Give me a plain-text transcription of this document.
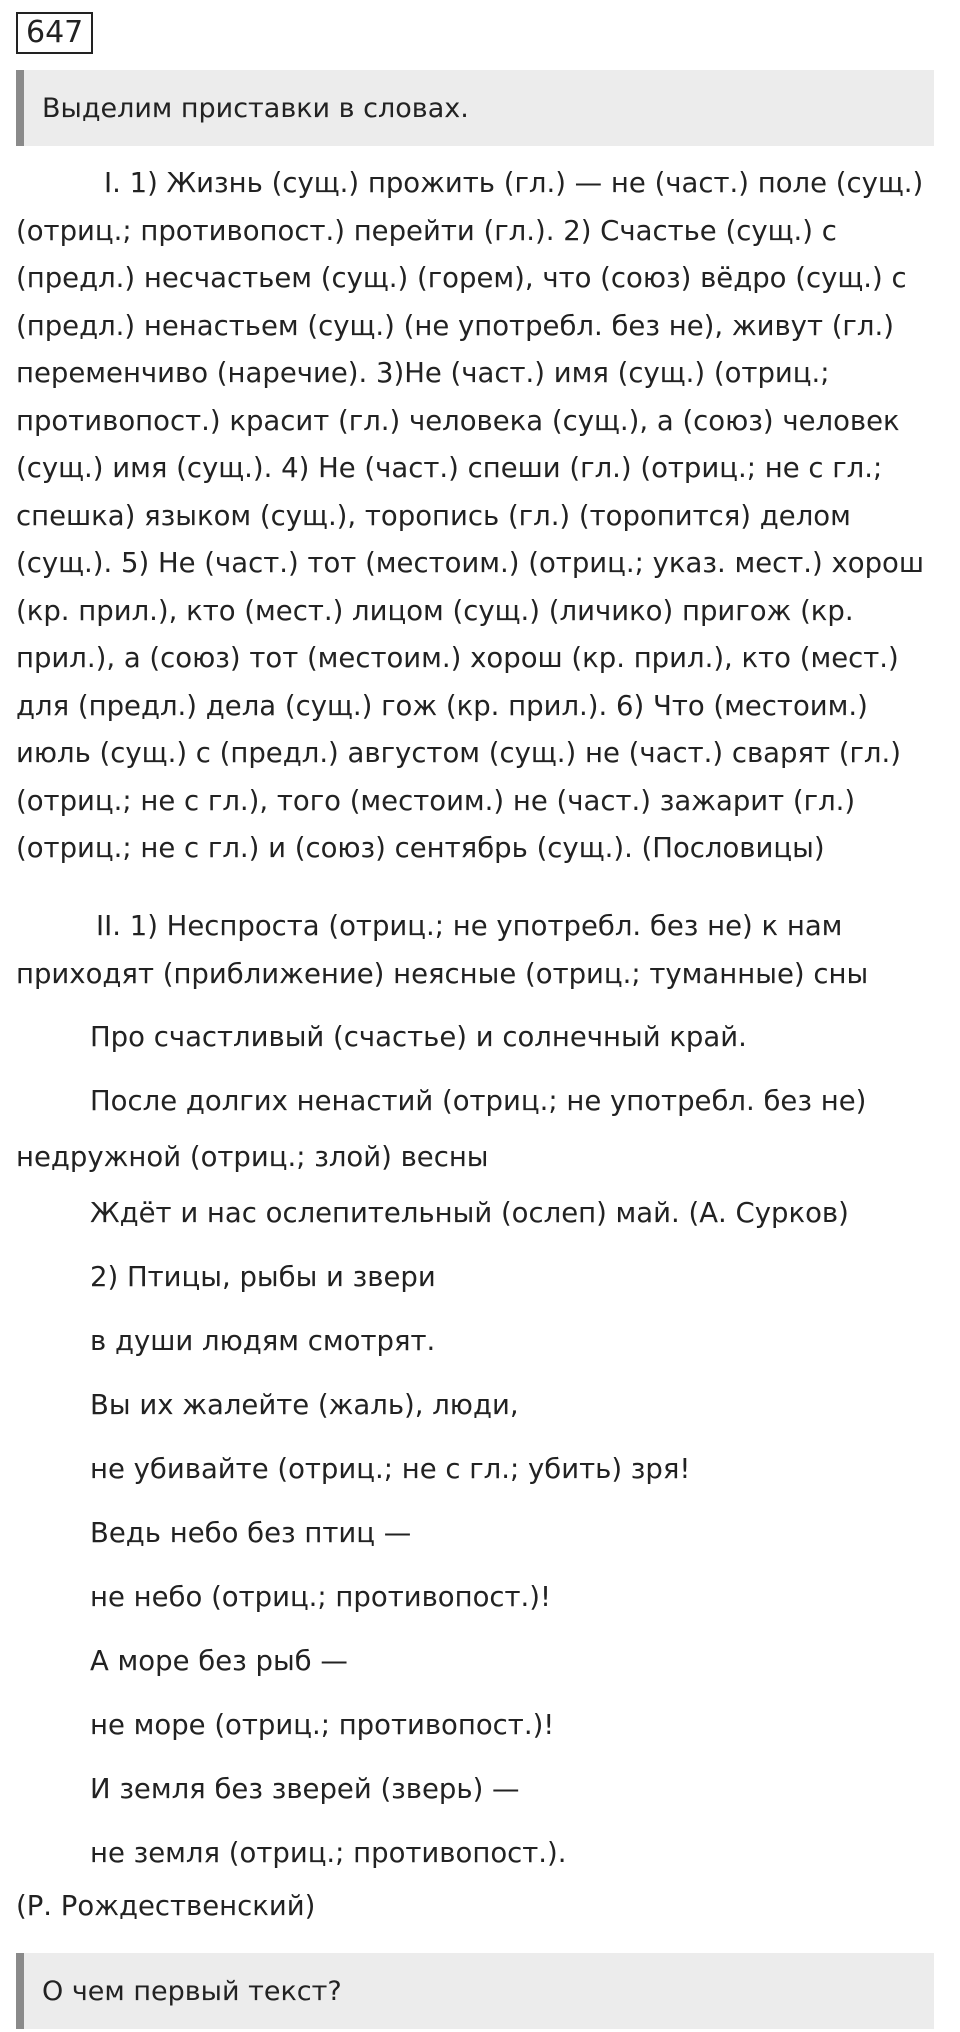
647
Выделим приставки в словах.

I. 1) Жизнь (сущ.) прожить (гл.) — не (част.) поле (сущ.)

(отриц.; противопост.) перейти (гл.). 2) Счастье (сущ.) с

(предл.) несчастьем (сущ.) (горем), что (союз) вёдро (сущ.) с

(предл.) ненастьем (сущ.) (не употребл. без не), живут (гл.)

переменчиво (наречие). 3)Не (част.) имя (сущ.) (отриц.;

противопост.) красит (гл.) человека (сущ.), а (союз) человек

(сущ.) имя (сущ.). 4) Не (част.) спеши (гл.) (отриц.; не с гл.;

спешка) языком (сущ.), торопись (гл.) (торопится) делом

(сущ.). 5) Не (част.) тот (местоим.) (отриц.; указ. мест.) хорош

(кр. прил.), кто (мест.) лицом (сущ.) (личико) пригож (кр.

прил.), а (союз) тот (местоим.) хорош (кр. прил.), кто (мест.)

для (предл.) дела (сущ.) гож (кр. прил.). 6) Что (местоим.)

июль (сущ.) с (предл.) августом (сущ.) не (част.) сварят (гл.)

(отриц.; не с гл.), того (местоим.) не (част.) зажарит (гл.)

(отриц.; не с гл.) и (союз) сентябрь (сущ.). (Пословицы)

II. 1) Неспроста (отриц.; не употребл. без не) к нам

приходят (приближение) неясные (отриц.; туманные) сны

Про счастливый (счастье) и солнечный край.

После долгих ненастий (отриц.; не употребл. без не)

недружной (отриц.; злой) весны

Ждёт и нас ослепительный (ослеп) май. (А. Сурков)

2) Птицы, рыбы и звери

в души людям смотрят.

Вы их жалейте (жаль), люди,

не убивайте (отриц.; не с гл.; убить) зря!

Ведь небо без птиц —

не небо (отриц.; противопост.)!

А море без рыб —

не море (отриц.; противопост.)!

И земля без зверей (зверь) —

не земля (отриц.; противопост.).

(Р. Рождественский)
О чем первый текст?
